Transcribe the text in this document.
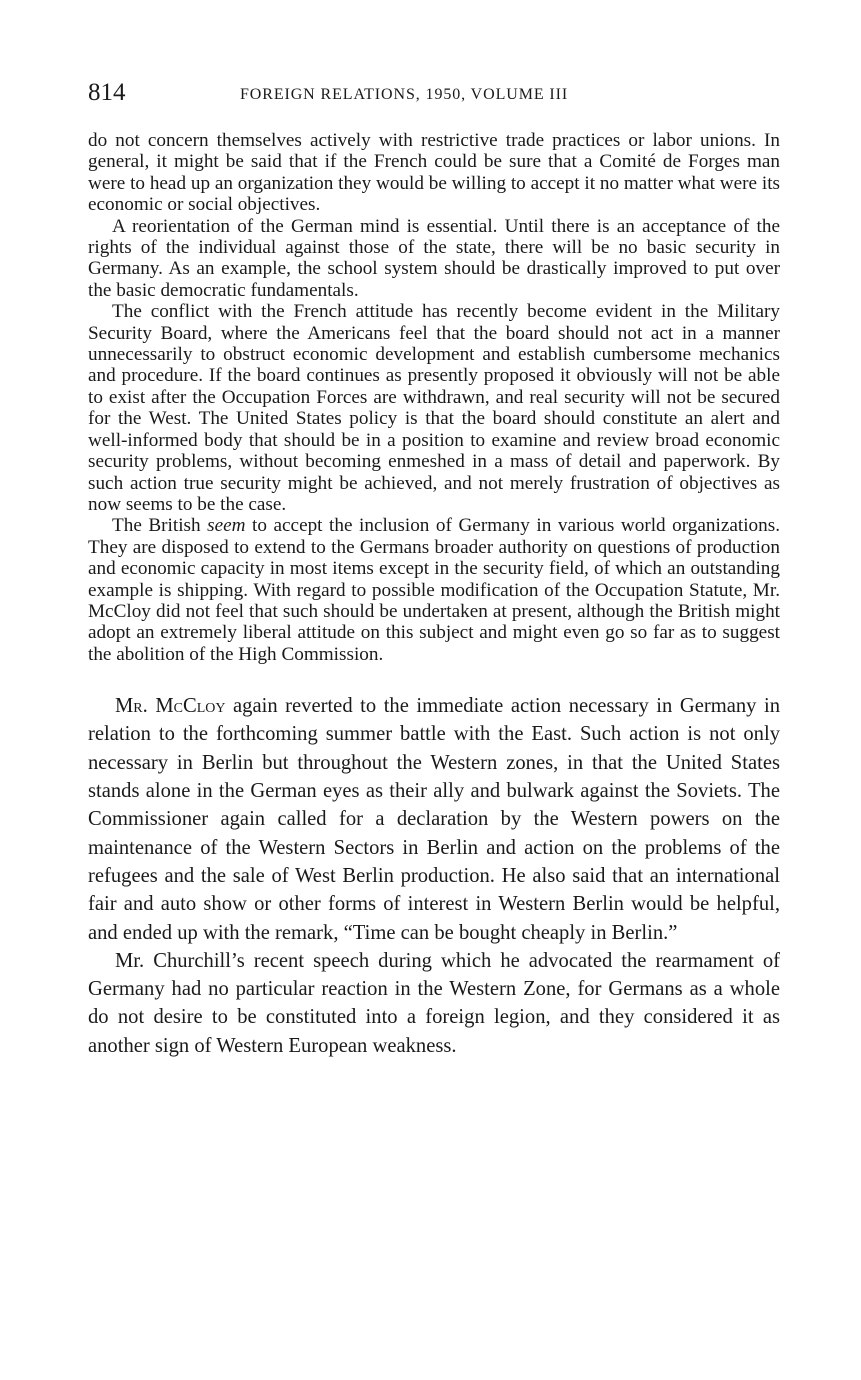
814	FOREIGN RELATIONS, 1950, VOLUME III

do not concern themselves actively with restrictive trade practices or labor unions. In general, it might be said that if the French could be sure that a Comité de Forges man were to head up an organization they would be willing to accept it no matter what were its economic or social objectives.

A reorientation of the German mind is essential. Until there is an acceptance of the rights of the individual against those of the state, there will be no basic security in Germany. As an example, the school system should be drastically improved to put over the basic democratic fundamentals.

The conflict with the French attitude has recently become evident in the Military Security Board, where the Americans feel that the board should not act in a manner unnecessarily to obstruct economic development and establish cumbersome mechanics and procedure. If the board continues as presently proposed it obviously will not be able to exist after the Occupation Forces are withdrawn, and real security will not be secured for the West. The United States policy is that the board should constitute an alert and well-informed body that should be in a position to examine and review broad economic security problems, without becoming enmeshed in a mass of detail and paperwork. By such action true security might be achieved, and not merely frustration of objectives as now seems to be the case.

The British seem to accept the inclusion of Germany in various world organizations. They are disposed to extend to the Germans broader authority on questions of production and economic capacity in most items except in the security field, of which an outstanding example is shipping. With regard to possible modification of the Occupation Statute, Mr. McCloy did not feel that such should be undertaken at present, although the British might adopt an extremely liberal attitude on this subject and might even go so far as to suggest the abolition of the High Commission.

Mr. McCloy again reverted to the immediate action necessary in Germany in relation to the forthcoming summer battle with the East. Such action is not only necessary in Berlin but throughout the Western zones, in that the United States stands alone in the German eyes as their ally and bulwark against the Soviets. The Commissioner again called for a declaration by the Western powers on the maintenance of the Western Sectors in Berlin and action on the problems of the refugees and the sale of West Berlin production. He also said that an international fair and auto show or other forms of interest in Western Berlin would be helpful, and ended up with the remark, “Time can be bought cheaply in Berlin.”

Mr. Churchill’s recent speech during which he advocated the rearmament of Germany had no particular reaction in the Western Zone, for Germans as a whole do not desire to be constituted into a foreign legion, and they considered it as another sign of Western European weakness.
